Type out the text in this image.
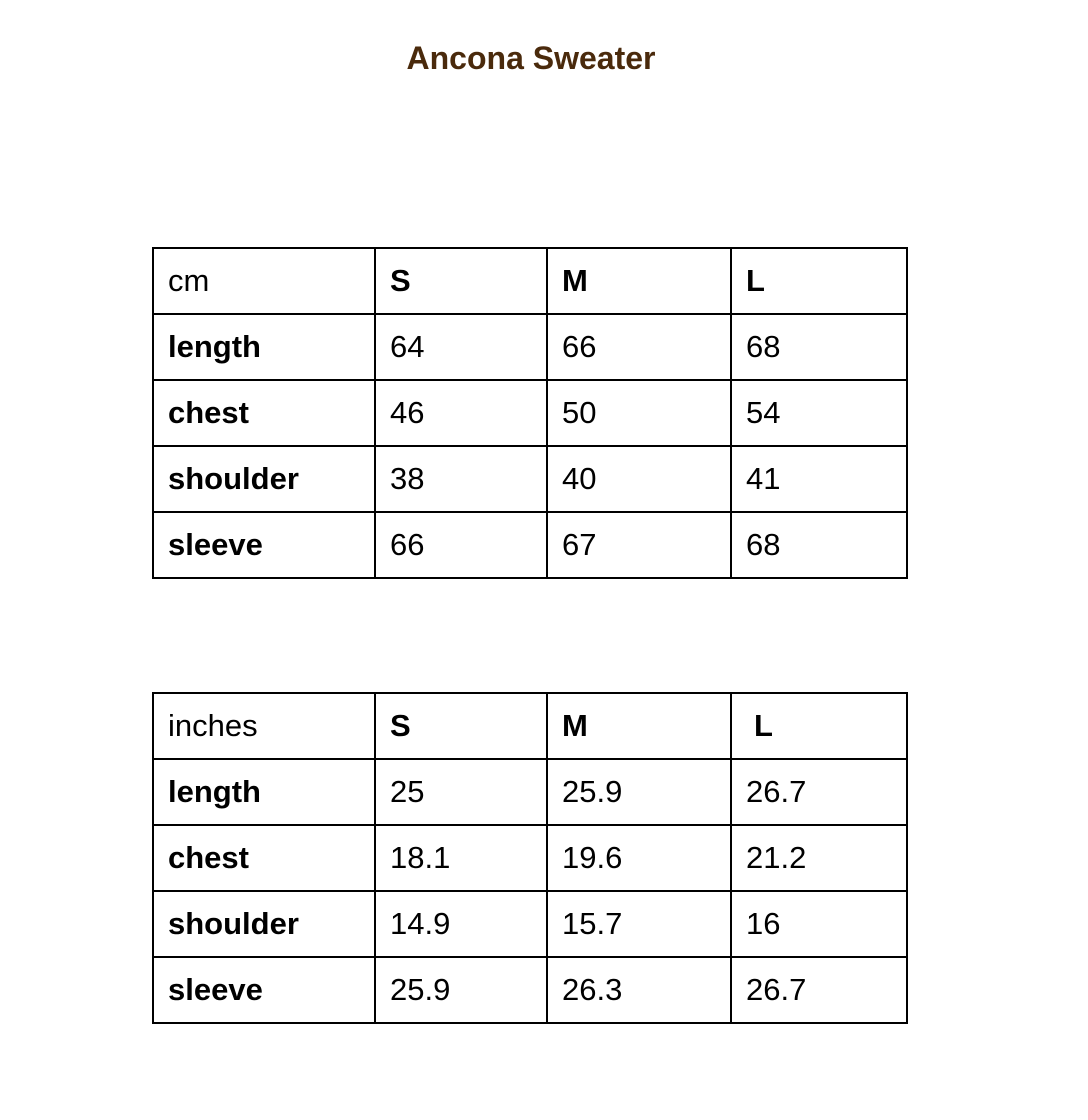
Ancona Sweater
cm	S	M	L
length	64	66	68
chest	46	50	54
shoulder	38	40	41
sleeve	66	67	68
inches	S	M	L
length	25	25.9	26.7
chest	18.1	19.6	21.2
shoulder	14.9	15.7	16
sleeve	25.9	26.3	26.7
